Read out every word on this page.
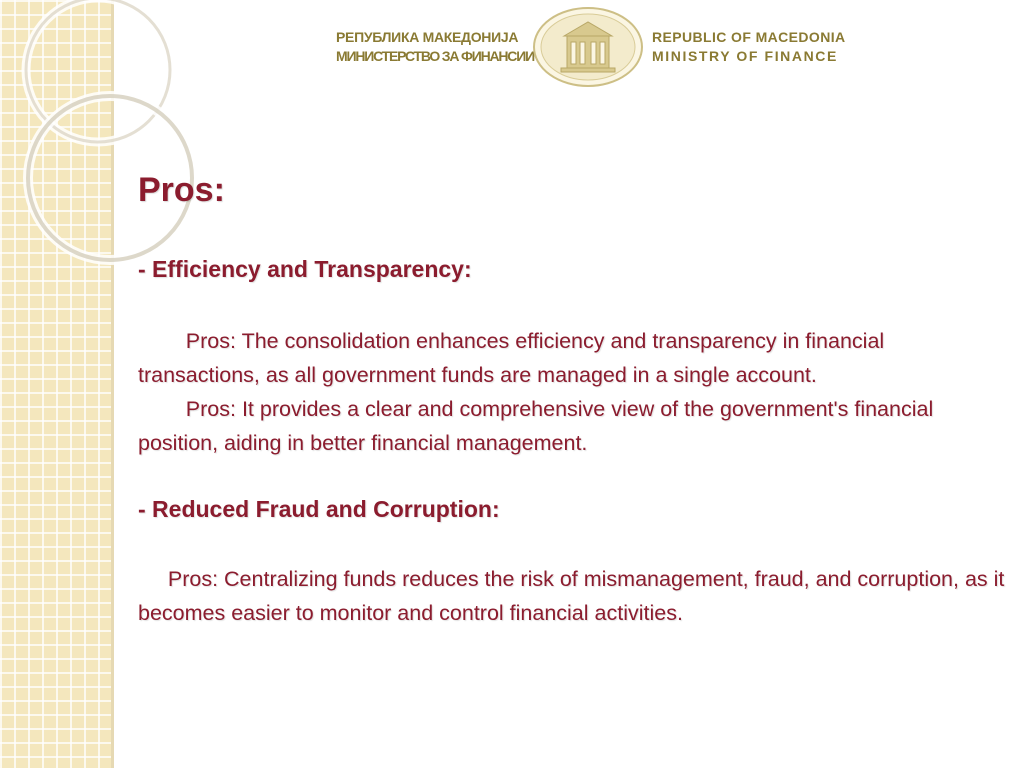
РЕПУБЛИКА МАКЕДОНИЈА
МИНИСТЕРСТВО ЗА ФИНАНСИИ
REPUBLIC OF MACEDONIA
MINISTRY OF FINANCE
Pros:
- Efficiency and Transparency:

Pros: The consolidation enhances efficiency and transparency in financial transactions, as all government funds are managed in a single account.

Pros: It provides a clear and comprehensive view of the government's financial position, aiding in better financial management.

- Reduced Fraud and Corruption:

Pros: Centralizing funds reduces the risk of mismanagement, fraud, and corruption, as it becomes easier to monitor and control financial activities.
